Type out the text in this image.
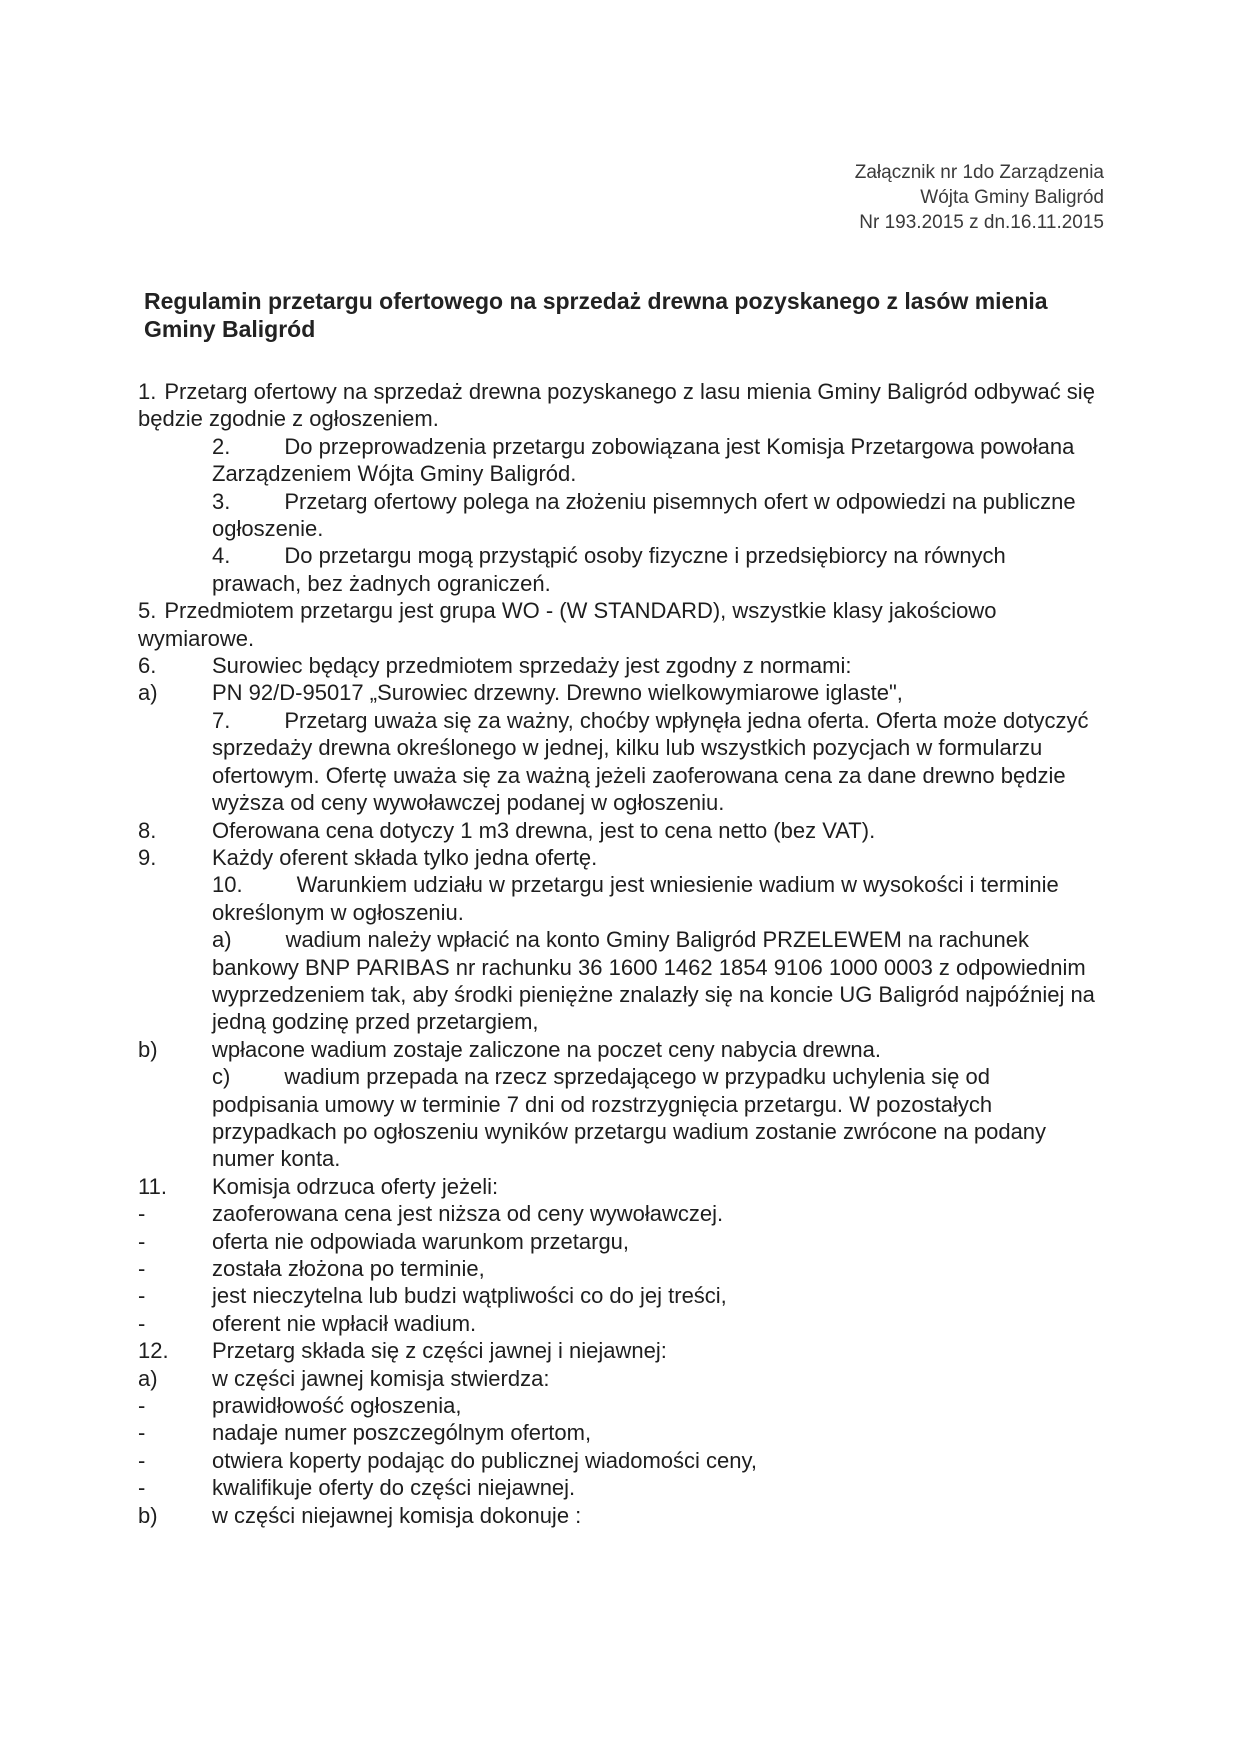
Załącznik nr 1do Zarządzenia
Wójta Gminy Baligród
Nr 193.2015 z dn.16.11.2015
Regulamin przetargu ofertowego na sprzedaż drewna pozyskanego z lasów mienia Gminy Baligród

1. Przetarg ofertowy na sprzedaż drewna pozyskanego z lasu mienia Gminy Baligród odbywać się będzie zgodnie z ogłoszeniem.

2. Do przeprowadzenia przetargu zobowiązana jest Komisja Przetargowa powołana Zarządzeniem Wójta Gminy Baligród.

3. Przetarg ofertowy polega na złożeniu pisemnych ofert w odpowiedzi na publiczne ogłoszenie.

4. Do przetargu mogą przystąpić osoby fizyczne i przedsiębiorcy na równych prawach, bez żadnych ograniczeń.

5. Przedmiotem przetargu jest grupa WO - (W STANDARD), wszystkie klasy jakościowo wymiarowe.

6.	Surowiec będący przedmiotem sprzedaży jest zgodny z normami:

a) PN 92/D-95017 „Surowiec drzewny. Drewno wielkowymiarowe iglaste",

7. Przetarg uważa się za ważny, choćby wpłynęła jedna oferta. Oferta może dotyczyć sprzedaży drewna określonego w jednej, kilku lub wszystkich pozycjach w formularzu ofertowym. Ofertę uważa się za ważną jeżeli zaoferowana cena za dane drewno będzie wyższa od ceny wywoławczej podanej w ogłoszeniu.

8.	Oferowana cena dotyczy 1 m3 drewna, jest to cena netto (bez VAT).

9.	Każdy oferent składa tylko jedna ofertę.

10. Warunkiem udziału w przetargu jest wniesienie wadium w wysokości i terminie określonym w ogłoszeniu.

a) wadium należy wpłacić na konto Gminy Baligród PRZELEWEM na rachunek bankowy BNP PARIBAS nr rachunku 36 1600 1462 1854 9106 1000 0003 z odpowiednim wyprzedzeniem tak, aby środki pieniężne znalazły się na koncie UG Baligród najpóźniej na jedną godzinę przed przetargiem,

b) wpłacone wadium zostaje zaliczone na poczet ceny nabycia drewna.

c) wadium przepada na rzecz sprzedającego w przypadku uchylenia się od podpisania umowy w terminie 7 dni od rozstrzygnięcia przetargu. W pozostałych przypadkach po ogłoszeniu wyników przetargu wadium zostanie zwrócone na podany numer konta.

11. Komisja odrzuca oferty jeżeli:

-	zaoferowana cena jest niższa od ceny wywoławczej.

-	oferta nie odpowiada warunkom przetargu,

-	została złożona po terminie,

-	jest nieczytelna lub budzi wątpliwości co do jej treści,

-	oferent nie wpłacił wadium.

12. Przetarg składa się z części jawnej i niejawnej:

a) w części jawnej komisja stwierdza:

-	prawidłowość ogłoszenia,

-	nadaje numer poszczególnym ofertom,

-	otwiera koperty podając do publicznej wiadomości ceny,

-	kwalifikuje oferty do części niejawnej.

b) w części niejawnej komisja dokonuje :
